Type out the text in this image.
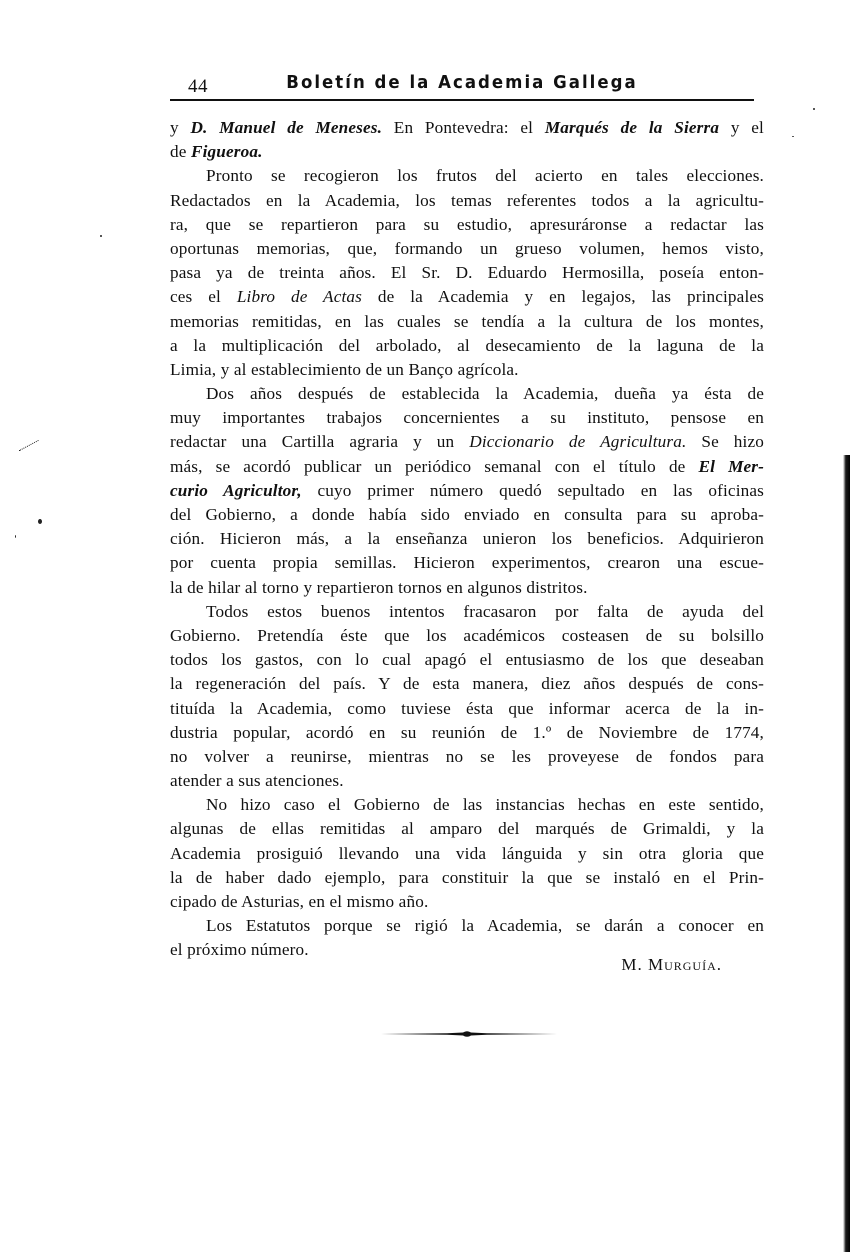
44	Boletín de la Academia Gallega
y D. Manuel de Meneses. En Pontevedra: el Marqués de la Sierra y el
de Figueroa.
Pronto se recogieron los frutos del acierto en tales elecciones.
Redactados en la Academia, los temas referentes todos a la agricultu-
ra, que se repartieron para su estudio, apresuráronse a redactar las
oportunas memorias, que, formando un grueso volumen, hemos visto,
pasa ya de treinta años. El Sr. D. Eduardo Hermosilla, poseía enton-
ces el Libro de Actas de la Academia y en legajos, las principales
memorias remitidas, en las cuales se tendía a la cultura de los montes,
a la multiplicación del arbolado, al desecamiento de la laguna de la
Limia, y al establecimiento de un Banço agrícola.
Dos años después de establecida la Academia, dueña ya ésta de
muy importantes trabajos concernientes a su instituto, pensose en
redactar una Cartilla agraria y un Diccionario de Agricultura. Se hizo
más, se acordó publicar un periódico semanal con el título de El Mer-
curio Agricultor, cuyo primer número quedó sepultado en las oficinas
del Gobierno, a donde había sido enviado en consulta para su aproba-
ción. Hicieron más, a la enseñanza unieron los beneficios. Adquirieron
por cuenta propia semillas. Hicieron experimentos, crearon una escue-
la de hilar al torno y repartieron tornos en algunos distritos.
Todos estos buenos intentos fracasaron por falta de ayuda del
Gobierno. Pretendía éste que los académicos costeasen de su bolsillo
todos los gastos, con lo cual apagó el entusiasmo de los que deseaban
la regeneración del país. Y de esta manera, diez años después de cons-
tituída la Academia, como tuviese ésta que informar acerca de la in-
dustria popular, acordó en su reunión de 1.º de Noviembre de 1774,
no volver a reunirse, mientras no se les proveyese de fondos para
atender a sus atenciones.
No hizo caso el Gobierno de las instancias hechas en este sentido,
algunas de ellas remitidas al amparo del marqués de Grimaldi, y la
Academia prosiguió llevando una vida lánguida y sin otra gloria que
la de haber dado ejemplo, para constituir la que se instaló en el Prin-
cipado de Asturias, en el mismo año.
Los Estatutos porque se rigió la Academia, se darán a conocer en
el próximo número.
M. Murguía.
